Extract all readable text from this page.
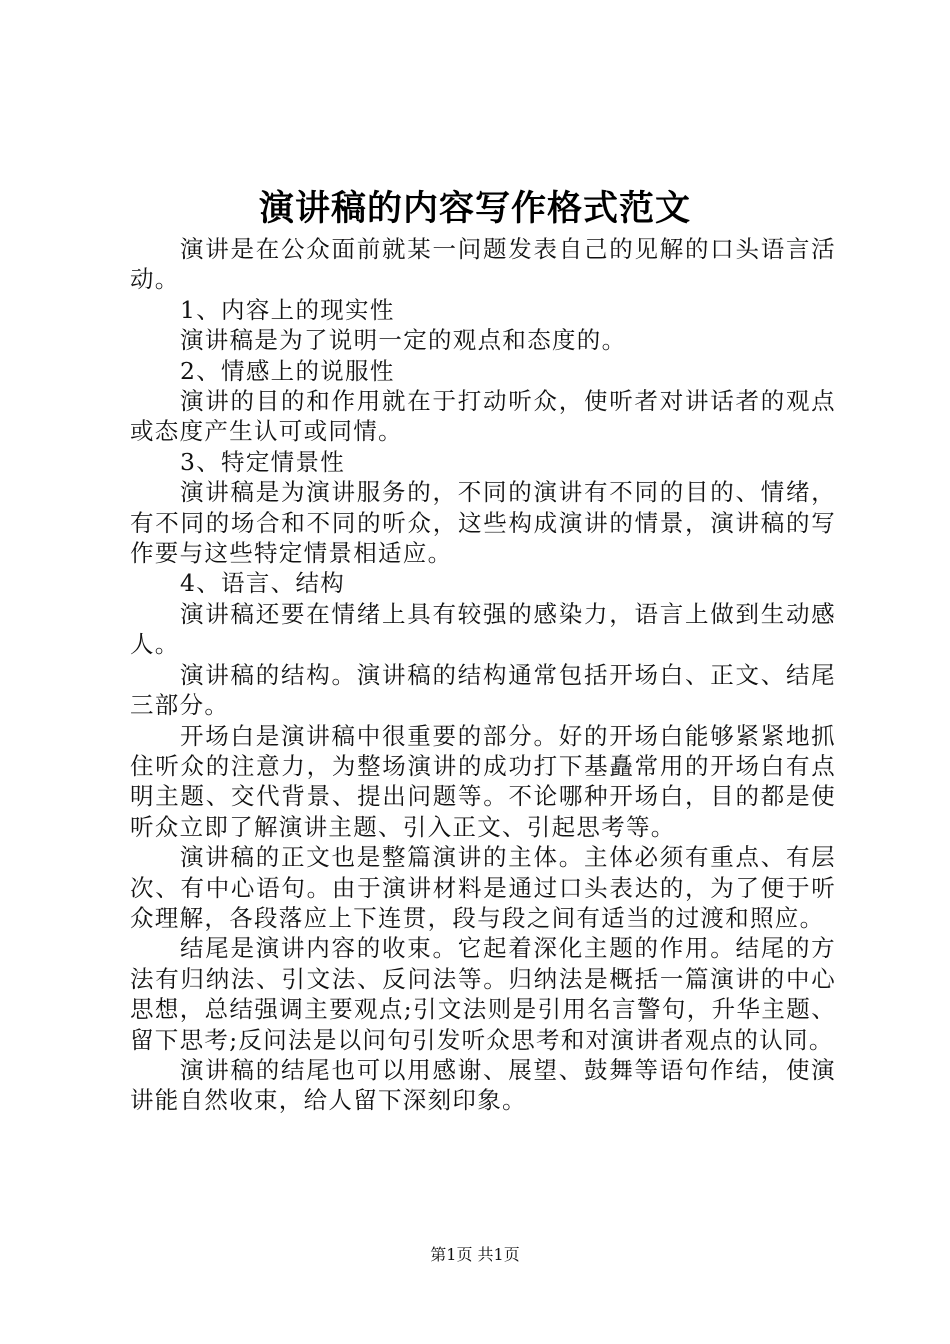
演讲稿的内容写作格式范文

演讲是在公众面前就某一问题发表自己的见解的口头语言活动。

1、内容上的现实性

演讲稿是为了说明一定的观点和态度的。

2、情感上的说服性

演讲的目的和作用就在于打动听众，使听者对讲话者的观点或态度产生认可或同情。

3、特定情景性

演讲稿是为演讲服务的，不同的演讲有不同的目的、情绪，有不同的场合和不同的听众，这些构成演讲的情景，演讲稿的写作要与这些特定情景相适应。

4、语言、结构

演讲稿还要在情绪上具有较强的感染力，语言上做到生动感人。

演讲稿的结构。演讲稿的结构通常包括开场白、正文、结尾三部分。

开场白是演讲稿中很重要的部分。好的开场白能够紧紧地抓住听众的注意力，为整场演讲的成功打下基矗常用的开场白有点明主题、交代背景、提出问题等。不论哪种开场白，目的都是使听众立即了解演讲主题、引入正文、引起思考等。

演讲稿的正文也是整篇演讲的主体。主体必须有重点、有层次、有中心语句。由于演讲材料是通过口头表达的，为了便于听众理解，各段落应上下连贯，段与段之间有适当的过渡和照应。

结尾是演讲内容的收束。它起着深化主题的作用。结尾的方法有归纳法、引文法、反问法等。归纳法是概括一篇演讲的中心思想，总结强调主要观点;引文法则是引用名言警句，升华主题、留下思考;反问法是以问句引发听众思考和对演讲者观点的认同。

演讲稿的结尾也可以用感谢、展望、鼓舞等语句作结，使演讲能自然收束，给人留下深刻印象。

第1页 共1页
